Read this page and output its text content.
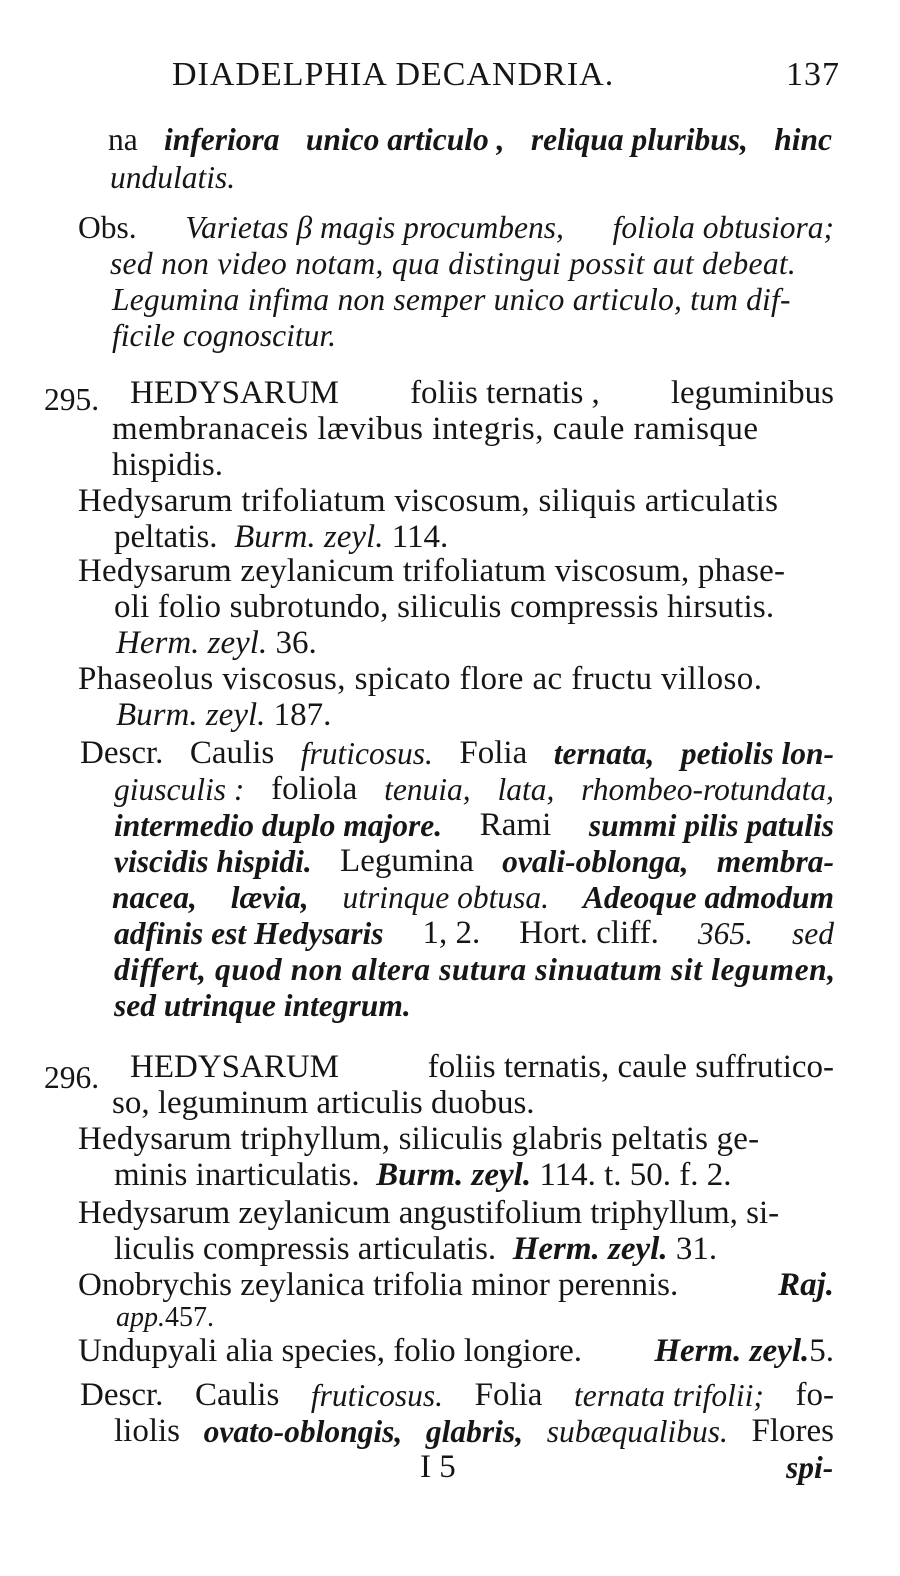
DIADELPHIA DECANDRIA.	137
na inferiora unico articulo , reliqua pluribus, hinc
undulatis.
Obs. Varietas β magis procumbens, foliola obtusiora;
sed non video notam, qua distingui possit aut debeat.
Legumina infima non semper unico articulo, tum dif-
ficile cognoscitur.
295. HEDYSARUM foliis ternatis , leguminibus
membranaceis lævibus integris, caule ramisque
hispidis.
Hedysarum trifoliatum viscosum, siliquis articulatis
peltatis. Burm. zeyl. 114.
Hedysarum zeylanicum trifoliatum viscosum, phase-
oli folio subrotundo, siliculis compressis hirsutis.
Herm. zeyl. 36.
Phaseolus viscosus, spicato flore ac fructu villoso.
Burm. zeyl. 187.
Descr. Caulis fruticosus. Folia ternata, petiolis lon-
giusculis : foliola tenuia, lata, rhombeo-rotundata,
intermedio duplo majore. Rami summi pilis patulis
viscidis hispidi. Legumina ovali-oblonga, membra-
nacea, lævia, utrinque obtusa. Adeoque admodum
adfinis est Hedysaris 1, 2. Hort. cliff. 365. sed
differt, quod non altera sutura sinuatum sit legumen,
sed utrinque integrum.
296. HEDYSARUM	foliis ternatis, caule suffrutico-
so, leguminum articulis duobus.
Hedysarum triphyllum, siliculis glabris peltatis ge-
minis inarticulatis. Burm. zeyl. 114. t. 50. f. 2.
Hedysarum zeylanicum angustifolium triphyllum, si-
liculis compressis articulatis. Herm. zeyl. 31.
Onobrychis zeylanica trifolia minor perennis.	Raj.
app.457.
Undupyali alia species, folio longiore. Herm. zeyl.5.
Descr. Caulis fruticosus. Folia ternata trifolii; fo-
liolis ovato-oblongis, glabris, subæqualibus. Flores
I 5	spi-
